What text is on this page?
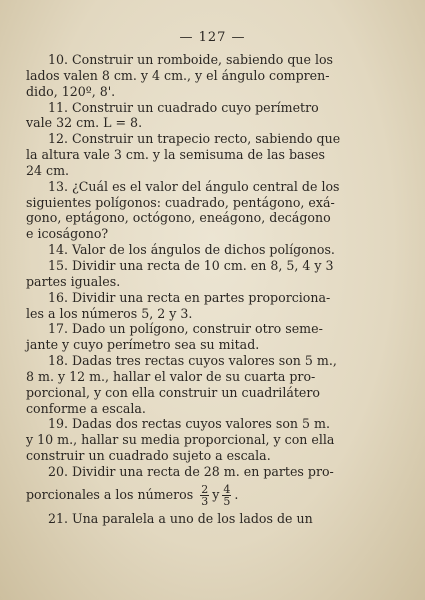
— 127 —

10. Construir un romboide, sabiendo que los
lados valen 8 cm. y 4 cm., y el ángulo compren-
dido, 120º, 8'.

11. Construir un cuadrado cuyo perímetro
vale 32 cm. L = 8.

12. Construir un trapecio recto, sabiendo que
la altura vale 3 cm. y la semisuma de las bases
24 cm.

13. ¿Cuál es el valor del ángulo central de los
siguientes polígonos: cuadrado, pentágono, exá-
gono, eptágono, octógono, eneágono, decágono
e icoságono?

14. Valor de los ángulos de dichos polígonos.

15. Dividir una recta de 10 cm. en 8, 5, 4 y 3
partes iguales.

16. Dividir una recta en partes proporciona-
les a los números 5, 2 y 3.

17. Dado un polígono, construir otro seme-
jante y cuyo perímetro sea su mitad.

18. Dadas tres rectas cuyos valores son 5 m.,
8 m. y 12 m., hallar el valor de su cuarta pro-
porcional, y con ella construir un cuadrilátero
conforme a escala.

19. Dadas dos rectas cuyos valores son 5 m.
y 10 m., hallar su media proporcional, y con ella
construir un cuadrado sujeto a escala.

20. Dividir una recta de 28 m. en partes pro-
porcionales a los números $\frac{2}{3}$ y $\frac{4}{5}$ .

21. Una paralela a uno de los lados de un
